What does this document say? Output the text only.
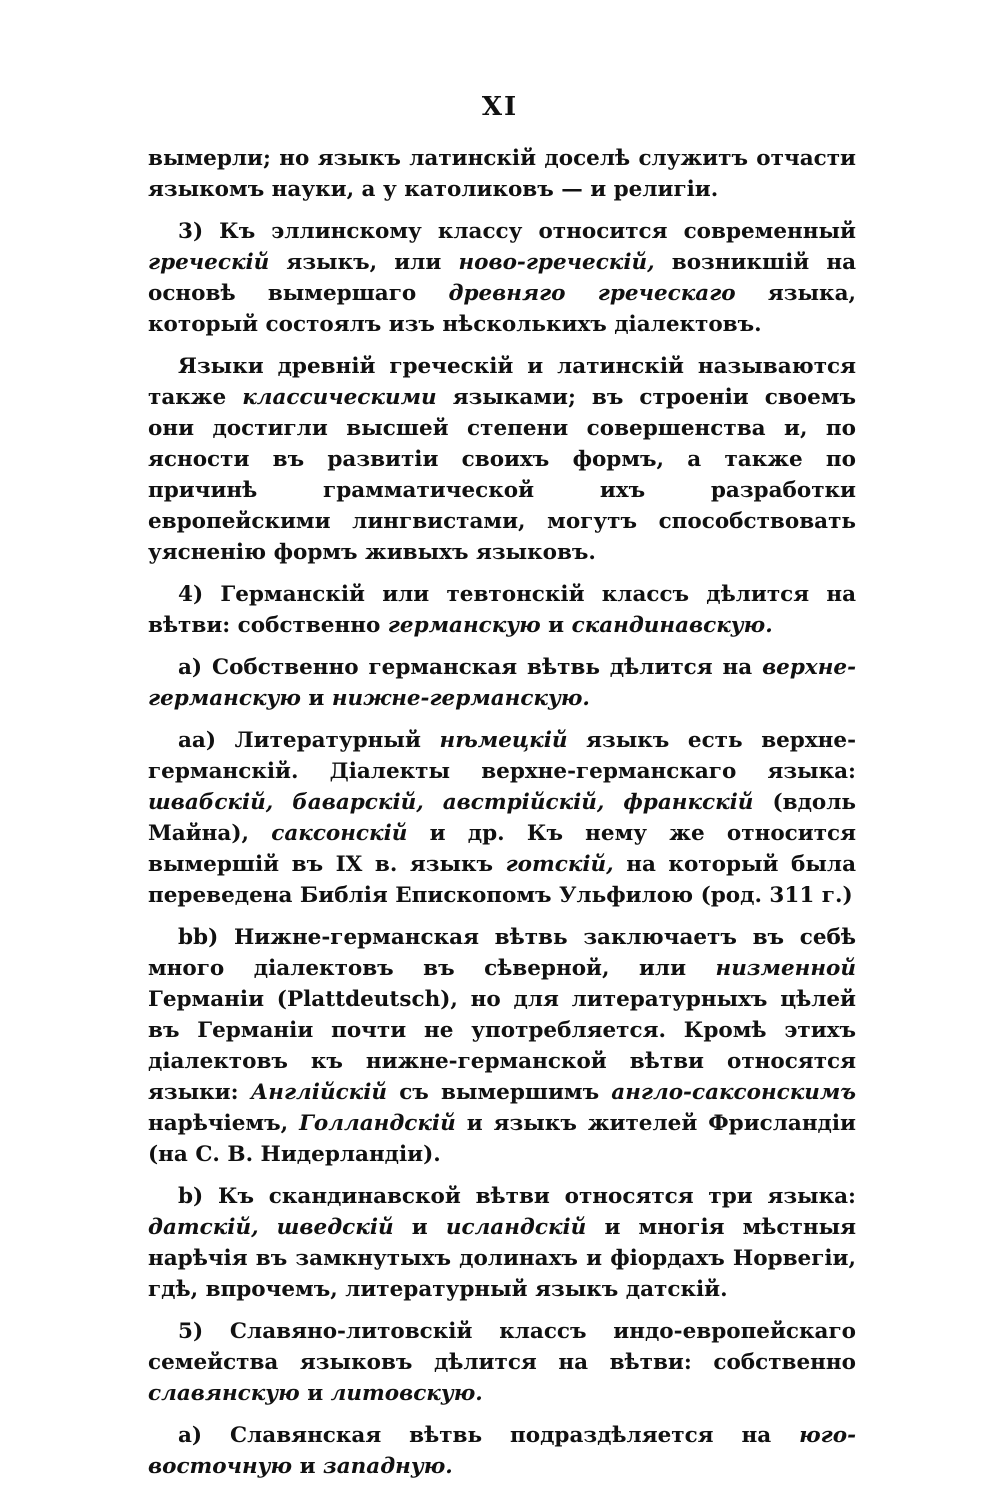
XI

вымерли; но языкъ латинскій доселѣ служитъ отчасти языкомъ науки, а у католиковъ — и религіи.

3) Къ эллинскому классу относится современный греческій языкъ, или ново-греческій, возникшій на основѣ вымершаго древняго греческаго языка, который состоялъ изъ нѣсколькихъ діалектовъ.

Языки древній греческій и латинскій называются также классическими языками; въ строеніи своемъ они достигли высшей степени совершенства и, по ясности въ развитіи своихъ формъ, а также по причинѣ грамматической ихъ разработки европейскими лингвистами, могутъ способствовать уясненію формъ живыхъ языковъ.

4) Германскій или тевтонскій классъ дѣлится на вѣтви: собственно германскую и скандинавскую.

a) Собственно германская вѣтвь дѣлится на верхне-германскую и нижне-германскую.

aa) Литературный нѣмецкій языкъ есть верхне-германскій. Діалекты верхне-германскаго языка: швабскій, баварскій, австрійскій, франкскій (вдоль Майна), саксонскій и др. Къ нему же относится вымершій въ IX в. языкъ готскій, на который была переведена Библія Епископомъ Ульфилою (род. 311 г.)

bb) Нижне-германская вѣтвь заключаетъ въ себѣ много діалектовъ въ сѣверной, или низменной Германіи (Plattdeutsch), но для литературныхъ цѣлей въ Германіи почти не употребляется. Кромѣ этихъ діалектовъ къ нижне-германской вѣтви относятся языки: Англійскій съ вымершимъ англо-саксонскимъ нарѣчіемъ, Голландскій и языкъ жителей Фрисландіи (на С. В. Нидерландіи).

b) Къ скандинавской вѣтви относятся три языка: датскій, шведскій и исландскій и многія мѣстныя нарѣчія въ замкнутыхъ долинахъ и фіордахъ Норвегіи, гдѣ, впрочемъ, литературный языкъ датскій.

5) Славяно-литовскій классъ индо-европейскаго семейства языковъ дѣлится на вѣтви: собственно славянскую и литовскую.

a) Славянская вѣтвь подраздѣляется на юго-восточную и западную.
